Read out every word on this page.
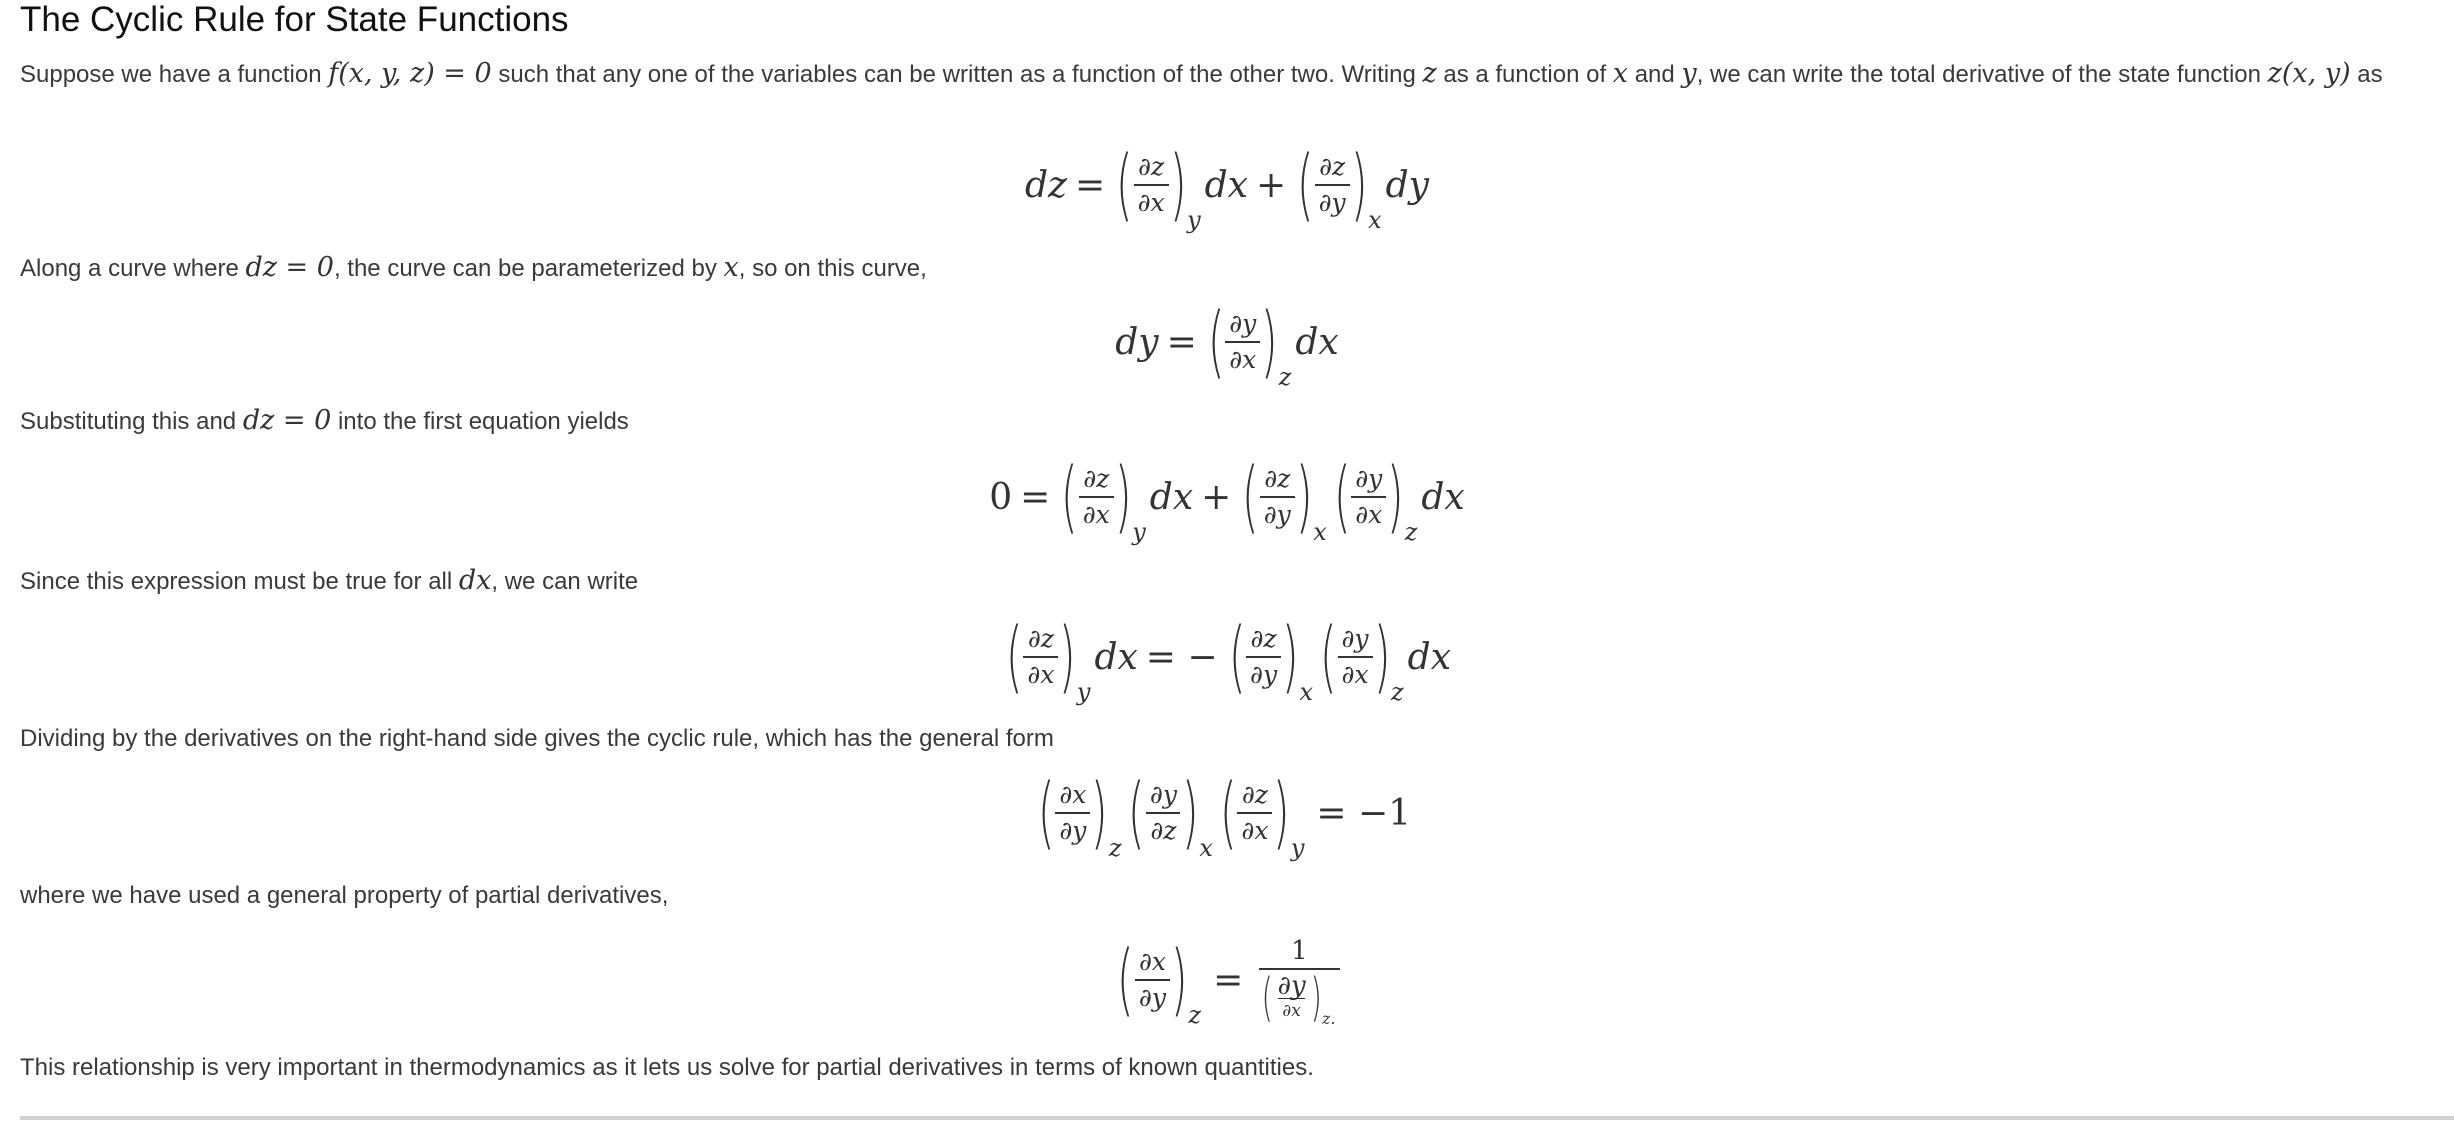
The Cyclic Rule for State Functions

Suppose we have a function f(x, y, z) = 0 such that any one of the variables can be written as a function of the other two. Writing z as a function of x and y, we can write the total derivative of the state function z(x, y) as

dz = (
$\frac{\partial z}{\partial x}$
) y
dx + (
$\frac{\partial z}{\partial y}$
) x
dy

Along a curve where dz = 0, the curve can be parameterized by x, so on this curve,

dy = (
$\frac{\partial y}{\partial x}$
) z
dx

Substituting this and dz = 0 into the first equation yields

0 = (
$\frac{\partial z}{\partial x}$
) y
dx + (
$\frac{\partial z}{\partial y}$
) x (
$\frac{\partial y}{\partial x}$
) z
dx

Since this expression must be true for all dx, we can write

(
$\frac{\partial z}{\partial x}$
) y
dx = − (
$\frac{\partial z}{\partial y}$
) x (
$\frac{\partial y}{\partial x}$
) z
dx

Dividing by the derivatives on the right-hand side gives the cyclic rule, which has the general form

(
$\frac{\partial x}{\partial y}$
) z (
$\frac{\partial y}{\partial z}$
) x (
$\frac{\partial z}{\partial x}$
) y
= −1

where we have used a general property of partial derivatives,

(
$\frac{\partial x}{\partial y}$
) z
= 1
(
$\frac{\partial y}{\partial x}$
) z.

This relationship is very important in thermodynamics as it lets us solve for partial derivatives in terms of known quantities.
